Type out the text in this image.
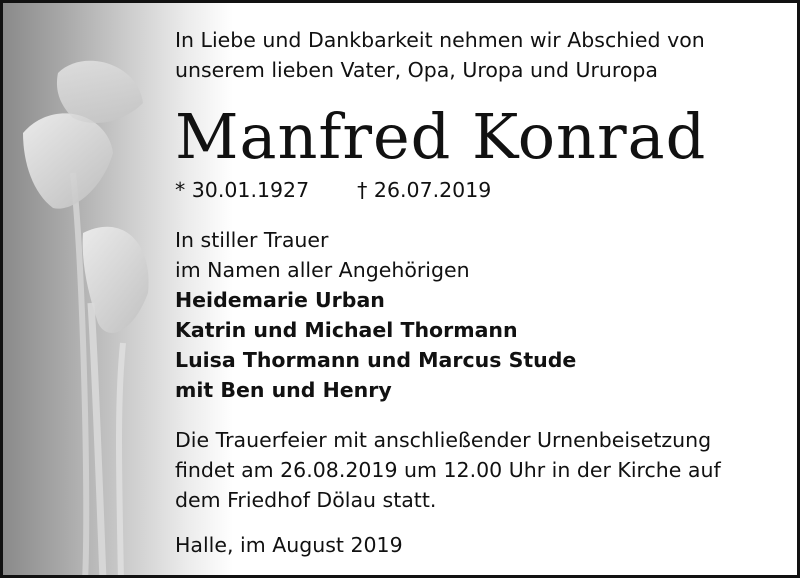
In Liebe und Dankbarkeit nehmen wir Abschied von
unserem lieben Vater, Opa, Uropa und Ururopa
Manfred Konrad
* 30.01.1927 † 26.07.2019
In stiller Trauer
im Namen aller Angehörigen
Heidemarie Urban
Katrin und Michael Thormann
Luisa Thormann und Marcus Stude
mit Ben und Henry
Die Trauerfeier mit anschließender Urnenbeisetzung
findet am 26.08.2019 um 12.00 Uhr in der Kirche auf
dem Friedhof Dölau statt.
Halle, im August 2019
